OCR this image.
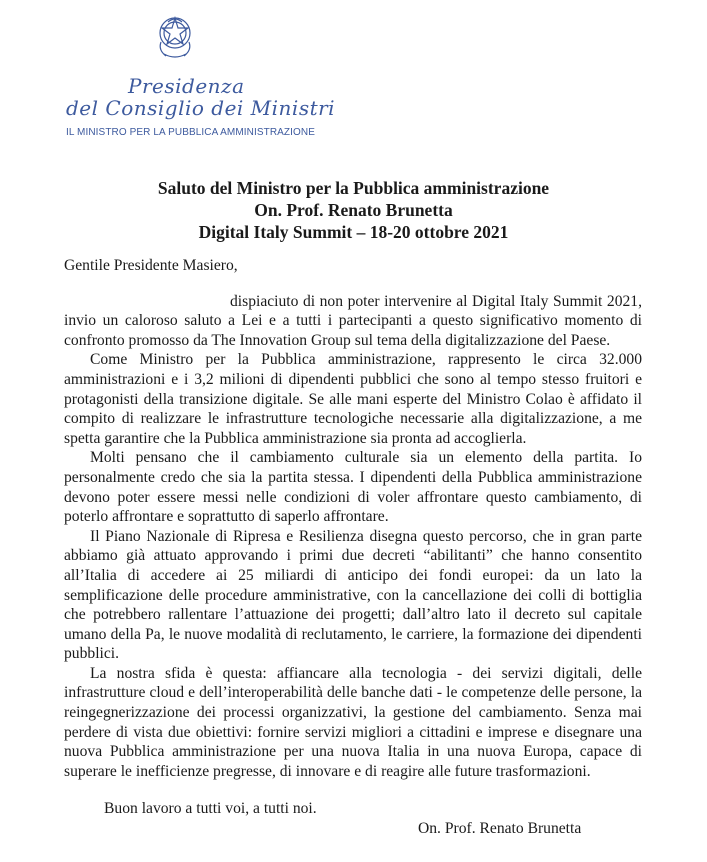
Presidenza
del Consiglio dei Ministri
IL MINISTRO PER LA PUBBLICA AMMINISTRAZIONE
Saluto del Ministro per la Pubblica amministrazione
On. Prof. Renato Brunetta
Digital Italy Summit – 18-20 ottobre 2021

Gentile Presidente Masiero,

dispiaciuto di non poter intervenire al Digital Italy Summit 2021, invio un caloroso saluto a Lei e a tutti i partecipanti a questo significativo momento di confronto promosso da The Innovation Group sul tema della digitalizzazione del Paese.

Come Ministro per la Pubblica amministrazione, rappresento le circa 32.000 amministrazioni e i 3,2 milioni di dipendenti pubblici che sono al tempo stesso fruitori e protagonisti della transizione digitale. Se alle mani esperte del Ministro Colao è affidato il compito di realizzare le infrastrutture tecnologiche necessarie alla digitalizzazione, a me spetta garantire che la Pubblica amministrazione sia pronta ad accoglierla.

Molti pensano che il cambiamento culturale sia un elemento della partita. Io personalmente credo che sia la partita stessa. I dipendenti della Pubblica amministrazione devono poter essere messi nelle condizioni di voler affrontare questo cambiamento, di poterlo affrontare e soprattutto di saperlo affrontare.

Il Piano Nazionale di Ripresa e Resilienza disegna questo percorso, che in gran parte abbiamo già attuato approvando i primi due decreti “abilitanti” che hanno consentito all’Italia di accedere ai 25 miliardi di anticipo dei fondi europei: da un lato la semplificazione delle procedure amministrative, con la cancellazione dei colli di bottiglia che potrebbero rallentare l’attuazione dei progetti; dall’altro lato il decreto sul capitale umano della Pa, le nuove modalità di reclutamento, le carriere, la formazione dei dipendenti pubblici.

La nostra sfida è questa: affiancare alla tecnologia - dei servizi digitali, delle infrastrutture cloud e dell’interoperabilità delle banche dati - le competenze delle persone, la reingegnerizzazione dei processi organizzativi, la gestione del cambiamento. Senza mai perdere di vista due obiettivi: fornire servizi migliori a cittadini e imprese e disegnare una nuova Pubblica amministrazione per una nuova Italia in una nuova Europa, capace di superare le inefficienze pregresse, di innovare e di reagire alle future trasformazioni.

Buon lavoro a tutti voi, a tutti noi.

On. Prof. Renato Brunetta
